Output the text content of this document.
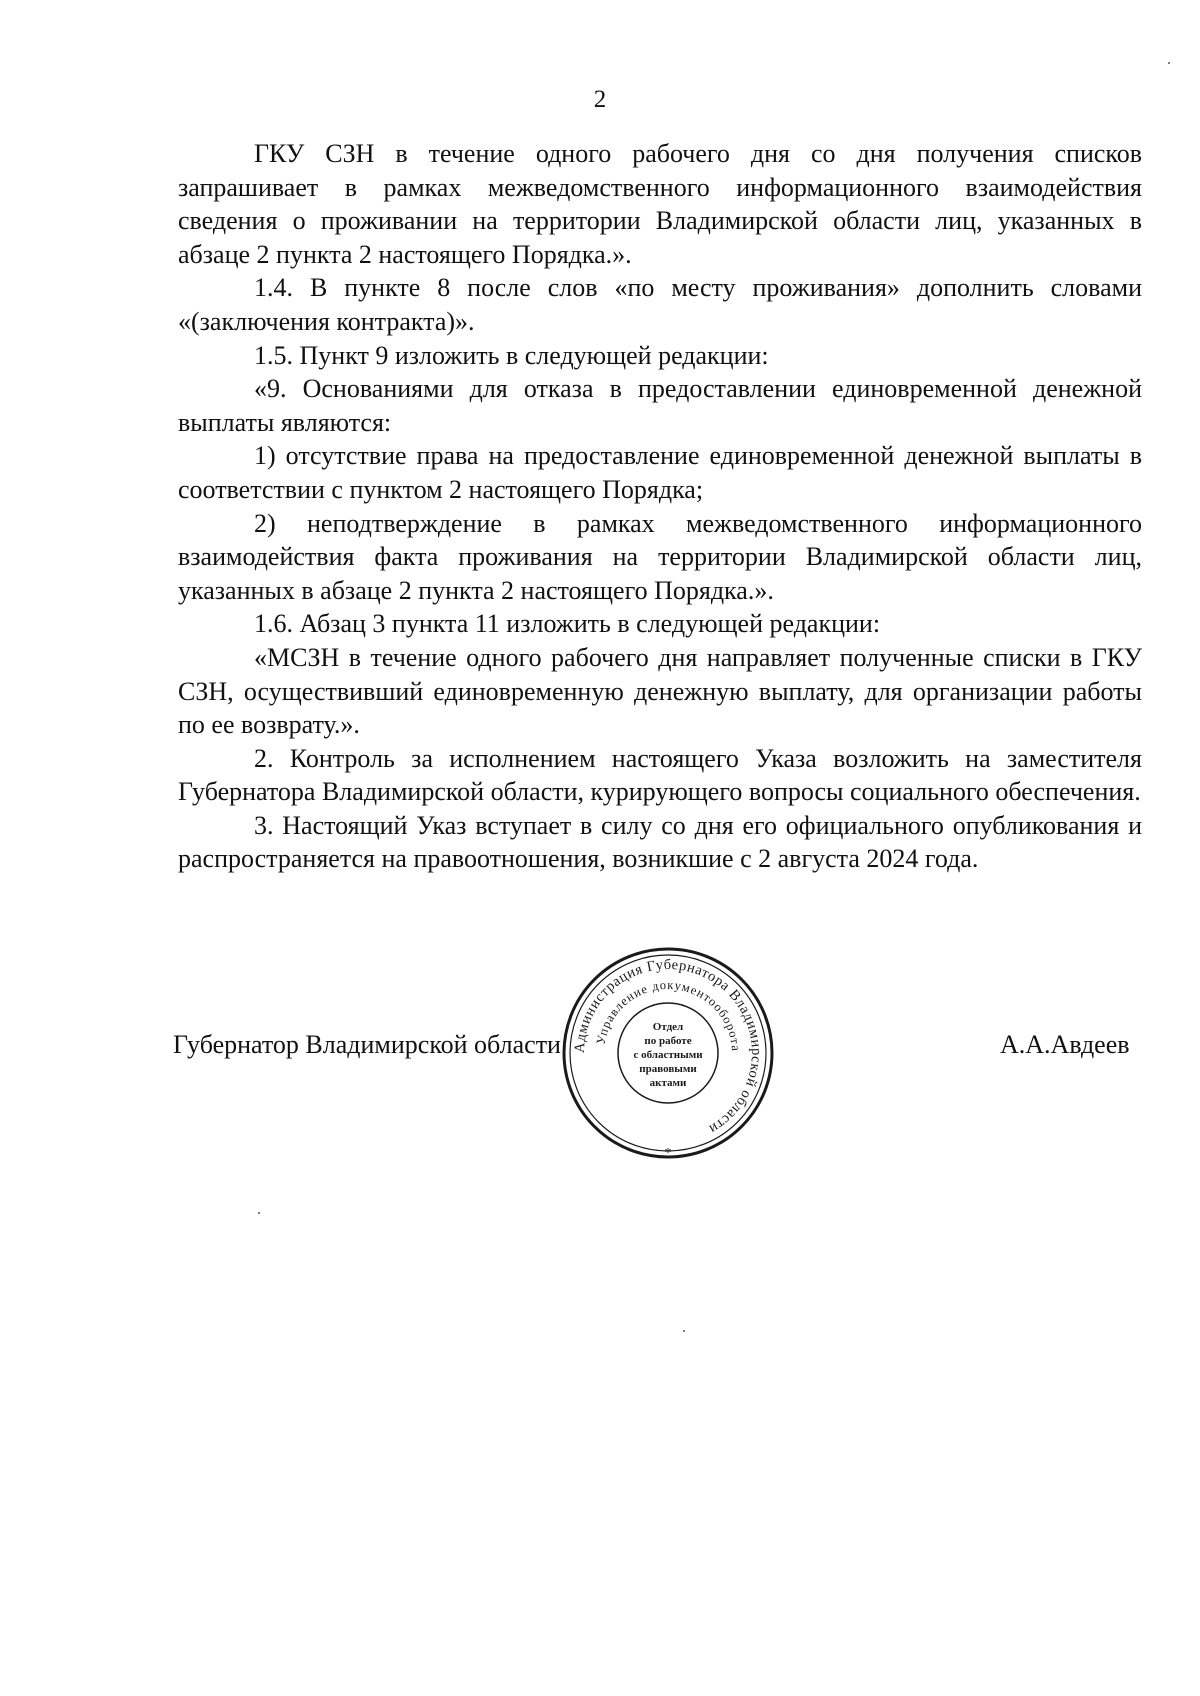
2

ГКУ СЗН в течение одного рабочего дня со дня получения списков запрашивает в рамках межведомственного информационного взаимодействия сведения о проживании на территории Владимирской области лиц, указанных в абзаце 2 пункта 2 настоящего Порядка.».

1.4. В пункте 8 после слов «по месту проживания» дополнить словами «(заключения контракта)».

1.5. Пункт 9 изложить в следующей редакции:

«9. Основаниями для отказа в предоставлении единовременной денежной выплаты являются:

1) отсутствие права на предоставление единовременной денежной выплаты в соответствии с пунктом 2 настоящего Порядка;

2) неподтверждение в рамках межведомственного информационного взаимодействия факта проживания на территории Владимирской области лиц, указанных в абзаце 2 пункта 2 настоящего Порядка.».

1.6. Абзац 3 пункта 11 изложить в следующей редакции:

«МСЗН в течение одного рабочего дня направляет полученные списки в ГКУ СЗН, осуществивший единовременную денежную выплату, для организации работы по ее возврату.».

2. Контроль за исполнением настоящего Указа возложить на заместителя Губернатора Владимирской области, курирующего вопросы социального обеспечения.

3. Настоящий Указ вступает в силу со дня его официального опубликования и распространяется на правоотношения, возникшие с 2 августа 2024 года.

Губернатор Владимирской области	А.А.Авдеев
Администрация Губернатора Владимирской области
Управление документооборота
Отдел
по работе
с областными
правовыми
актами
*
